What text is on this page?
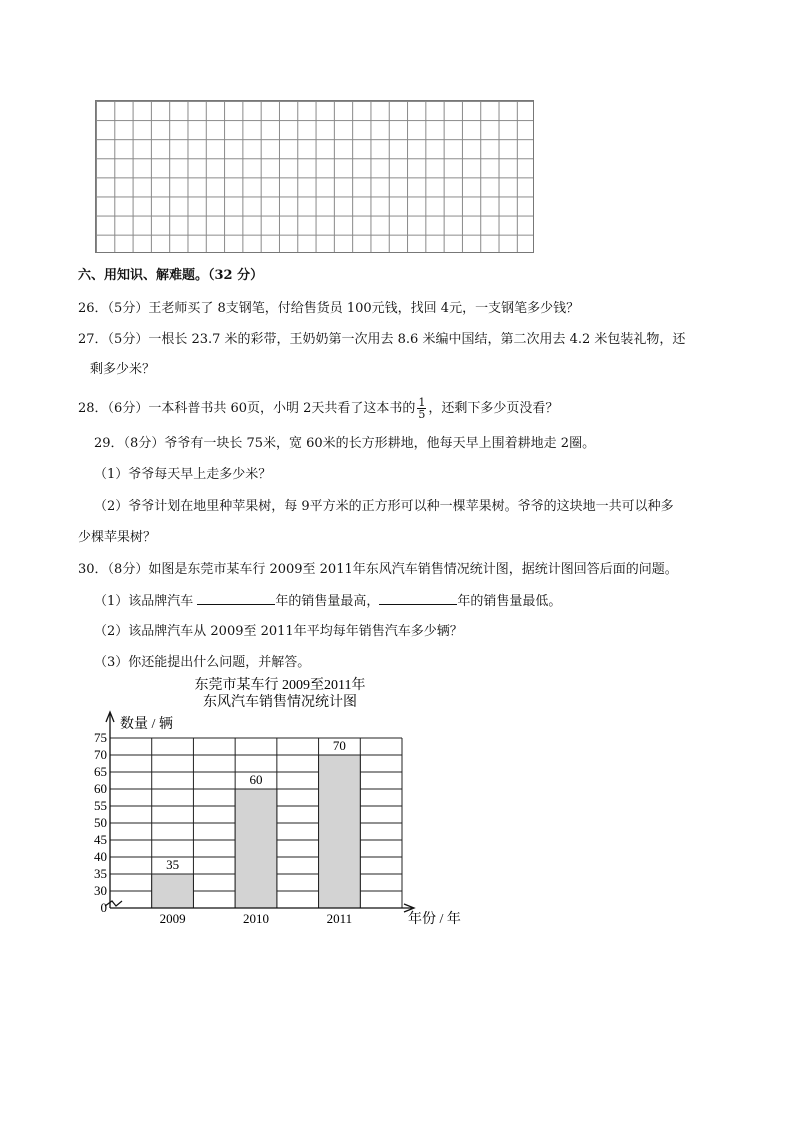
六、用知识、解难题。（32 分）
26．（5分）王老师买了 8支钢笔，付给售货员 100元钱，找回 4元，一支钢笔多少钱？
27．（5分）一根长 23.7 米的彩带，王奶奶第一次用去 8.6 米编中国结，第二次用去 4.2 米包装礼物，还
剩多少米？
28．（6分）一本科普书共 60页，小明 2天共看了这本书的 $\frac{1}{5}$ ，还剩下多少页没看？
29．（8分）爷爷有一块长 75米，宽 60米的长方形耕地，他每天早上围着耕地走 2圈。
（1）爷爷每天早上走多少米？
（2）爷爷计划在地里种苹果树，每 9平方米的正方形可以种一棵苹果树。爷爷的这块地一共可以种多
少棵苹果树？
30．（8分）如图是东莞市某车行 2009至 2011年东风汽车销售情况统计图，据统计图回答后面的问题。
（1）该品牌汽车	年的销售量最高，	年的销售量最低。
（2）该品牌汽车从 2009至 2011年平均每年销售汽车多少辆？
（3）你还能提出什么问题，并解答。
东莞市某车行 2009至2011年
东风汽车销售情况统计图
35
2009
60
2010
70
2011
0
30
35
40
45
50
55
60
65
70
75
数量 / 辆
年份 / 年
